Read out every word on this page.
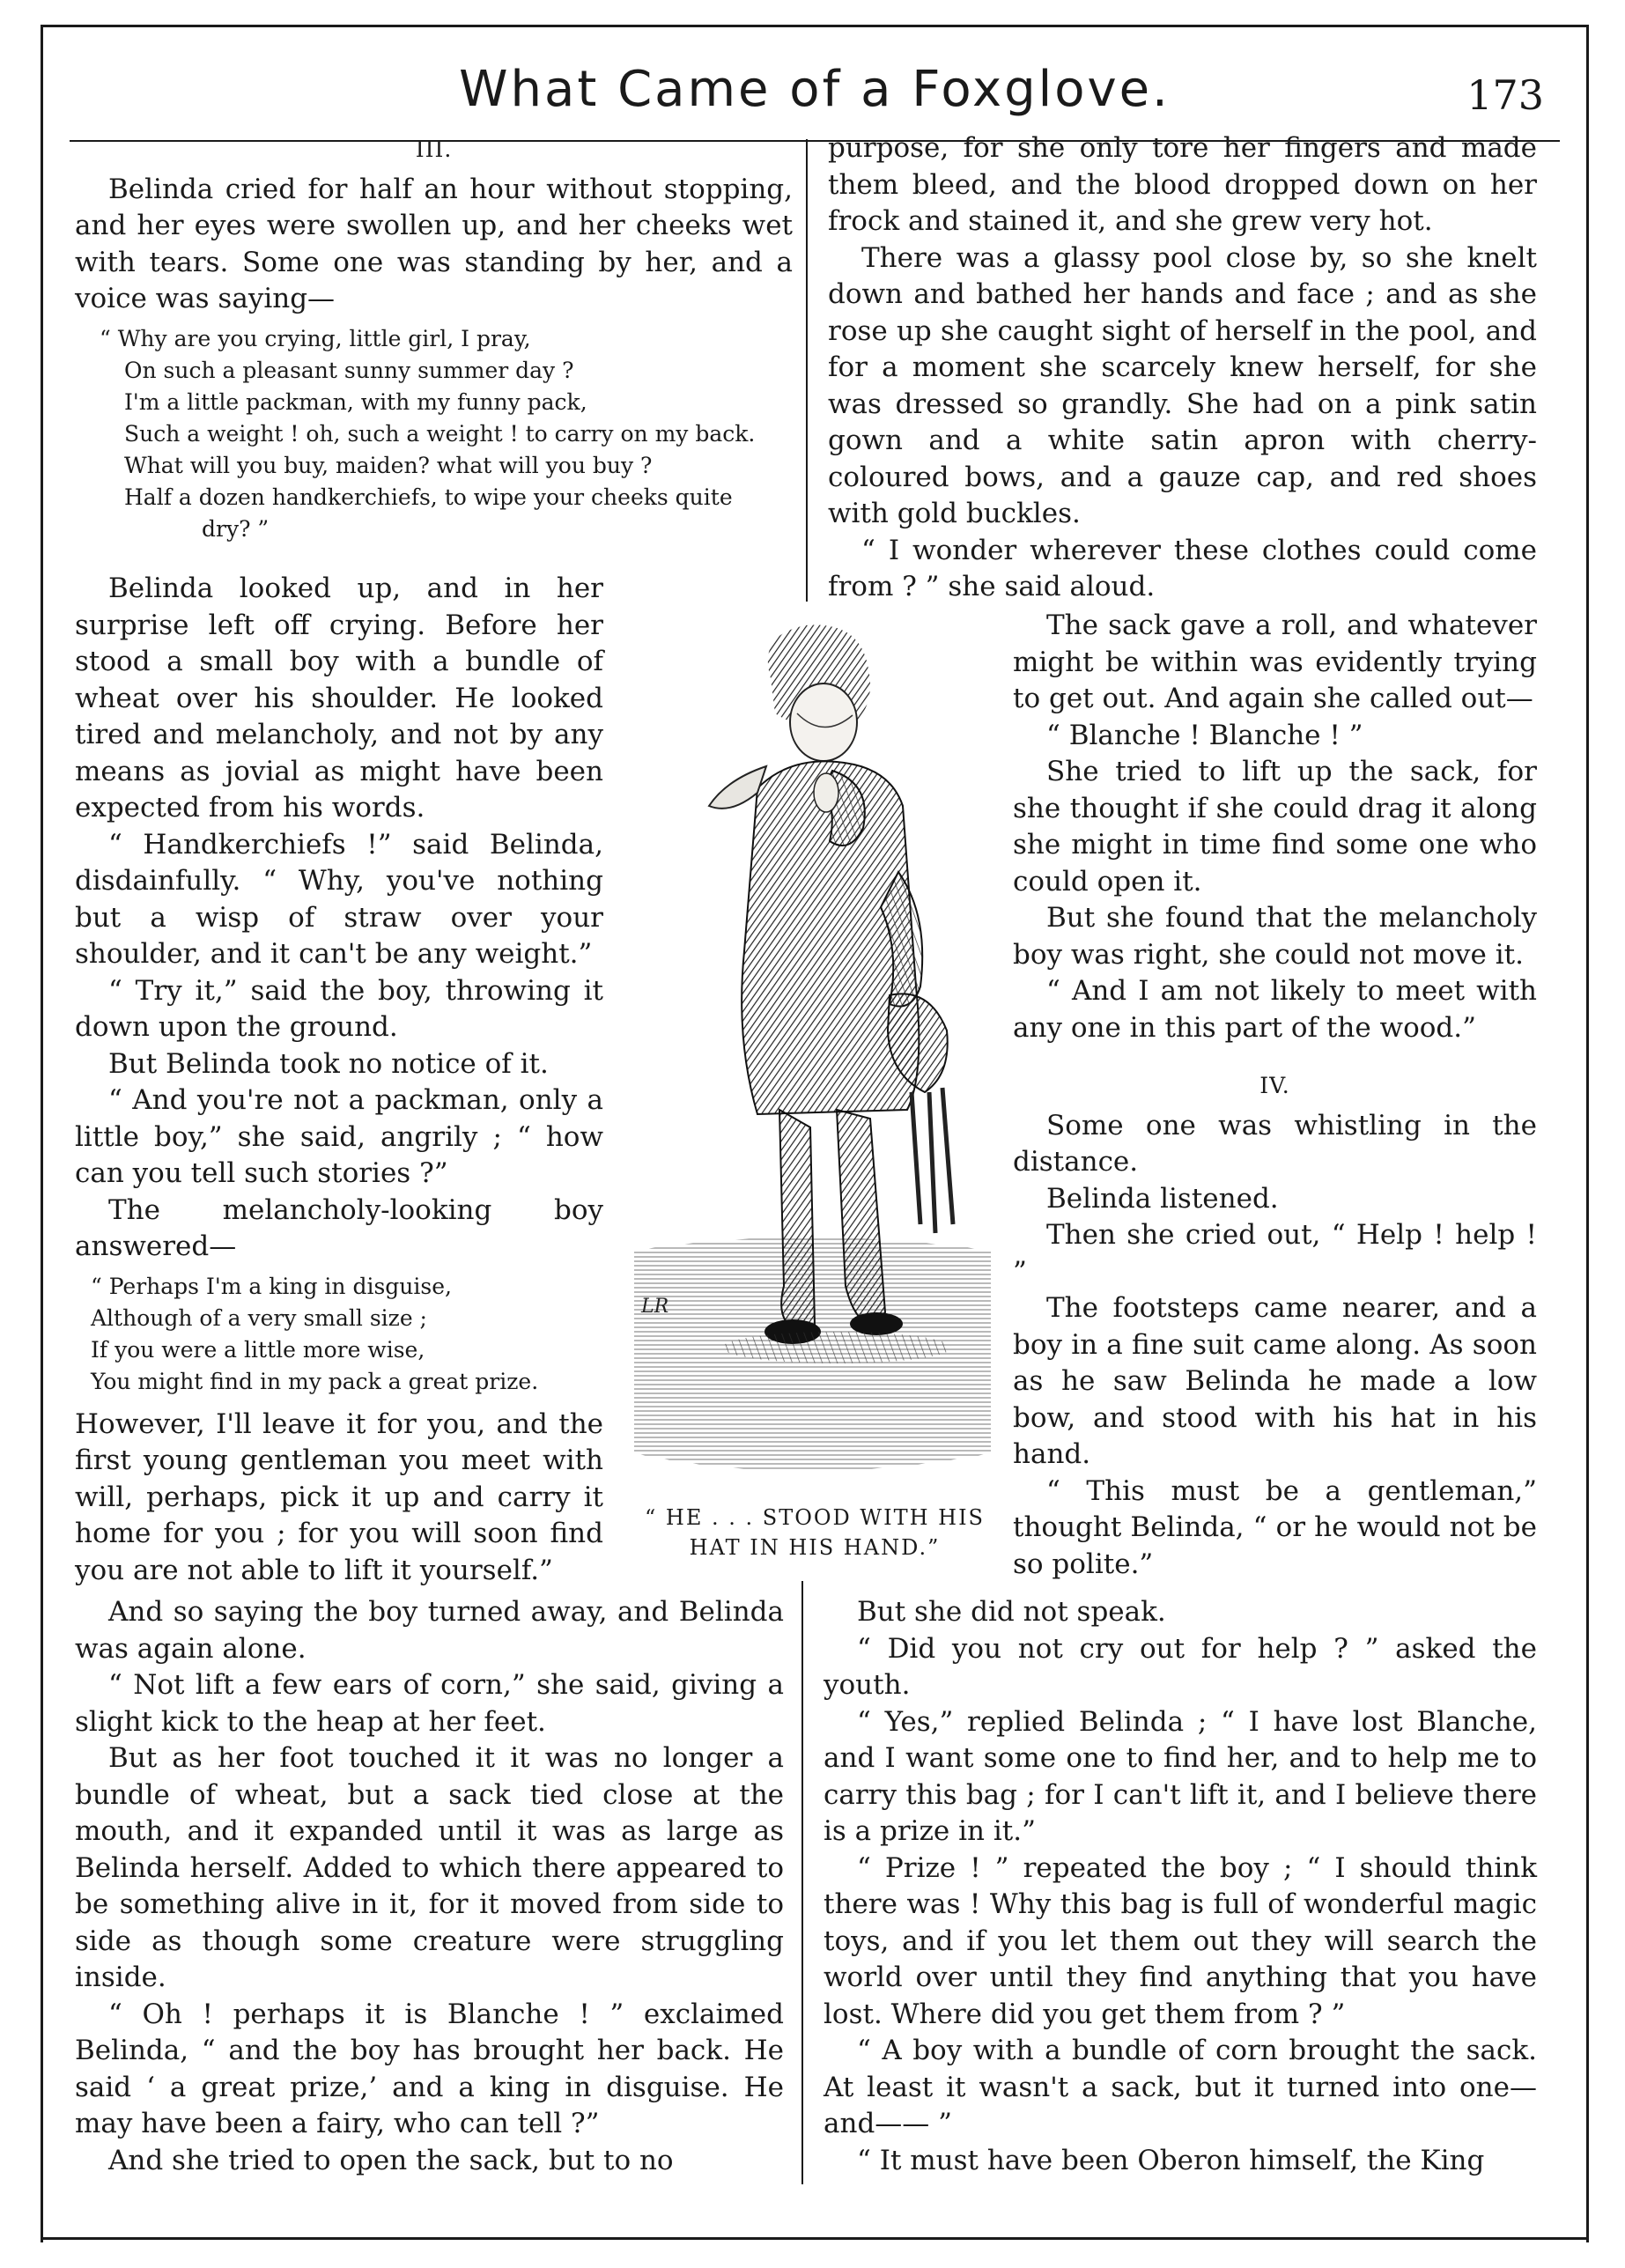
What Came of a Foxglove.	173

III.

Belinda cried for half an hour without stopping, and her eyes were swollen up, and her cheeks wet with tears. Some one was standing by her, and a voice was saying—

“ Why are you crying, little girl, I pray,
On such a pleasant sunny summer day ?
I'm a little packman, with my funny pack,
Such a weight ! oh, such a weight ! to carry on my back.
What will you buy, maiden? what will you buy ?
Half a dozen handkerchiefs, to wipe your cheeks quite
dry? ”

Belinda looked up, and in her surprise left off crying. Before her stood a small boy with a bundle of wheat over his shoulder. He looked tired and melancholy, and not by any means as jovial as might have been expected from his words.

“ Handkerchiefs !” said Belinda, disdainfully. “ Why, you've nothing but a wisp of straw over your shoulder, and it can't be any weight.”

“ Try it,” said the boy, throwing it down upon the ground.

But Belinda took no notice of it.

“ And you're not a packman, only a little boy,” she said, angrily ; “ how can you tell such stories ?”

The melancholy-looking boy answered—

“ Perhaps I'm a king in disguise,
Although of a very small size ;
If you were a little more wise,
You might find in my pack a great prize.

However, I'll leave it for you, and the first young gentleman you meet with will, perhaps, pick it up and carry it home for you ; for you will soon find you are not able to lift it yourself.”

And so saying the boy turned away, and Belinda was again alone.

“ Not lift a few ears of corn,” she said, giving a slight kick to the heap at her feet.

But as her foot touched it it was no longer a bundle of wheat, but a sack tied close at the mouth, and it expanded until it was as large as Belinda herself. Added to which there appeared to be something alive in it, for it moved from side to side as though some creature were struggling inside.

“ Oh ! perhaps it is Blanche ! ” exclaimed Belinda, “ and the boy has brought her back. He said ‘ a great prize,’ and a king in disguise. He may have been a fairy, who can tell ?”

And she tried to open the sack, but to no

purpose, for she only tore her fingers and made them bleed, and the blood dropped down on her frock and stained it, and she grew very hot.

There was a glassy pool close by, so she knelt down and bathed her hands and face ; and as she rose up she caught sight of herself in the pool, and for a moment she scarcely knew herself, for she was dressed so grandly. She had on a pink satin gown and a white satin apron with cherry-coloured bows, and a gauze cap, and red shoes with gold buckles.

“ I wonder wherever these clothes could come from ? ” she said aloud.

The sack gave a roll, and whatever might be within was evidently trying to get out. And again she called out—

“ Blanche ! Blanche ! ”

She tried to lift up the sack, for she thought if she could drag it along she might in time find some one who could open it.

But she found that the melancholy boy was right, she could not move it.

“ And I am not likely to meet with any one in this part of the wood.”

IV.

Some one was whistling in the distance.

Belinda listened.

Then she cried out, “ Help ! help ! ”

The footsteps came nearer, and a boy in a fine suit came along. As soon as he saw Belinda he made a low bow, and stood with his hat in his hand.

“ This must be a gentleman,” thought Belinda, “ or he would not be so polite.”

But she did not speak.

“ Did you not cry out for help ? ” asked the youth.

“ Yes,” replied Belinda ; “ I have lost Blanche, and I want some one to find her, and to help me to carry this bag ; for I can't lift it, and I believe there is a prize in it.”

“ Prize ! ” repeated the boy ; “ I should think there was ! Why this bag is full of wonderful magic toys, and if you let them out they will search the world over until they find anything that you have lost. Where did you get them from ? ”

“ A boy with a bundle of corn brought the sack. At least it wasn't a sack, but it turned into one—and—— ”

“ It must have been Oberon himself, the King

LR
“ HE . . . STOOD WITH HIS
HAT IN HIS HAND.”
